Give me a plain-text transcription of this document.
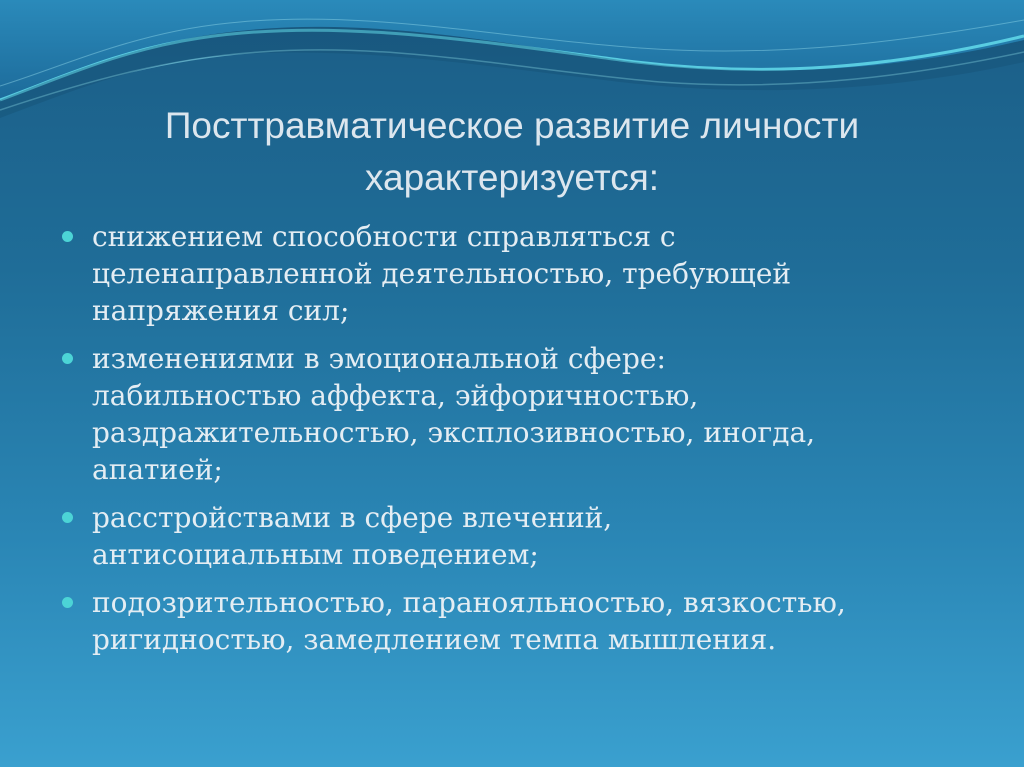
Посттравматическое развитие личности
характеризуется:
снижением способности справляться с
целенаправленной деятельностью, требующей
напряжения сил;
изменениями в эмоциональной сфере:
лабильностью аффекта, эйфоричностью,
раздражительностью, эксплозивностью, иногда,
апатией;
расстройствами в сфере влечений,
антисоциальным поведением;
подозрительностью, паранояльностью, вязкостью,
ригидностью, замедлением темпа мышления.
